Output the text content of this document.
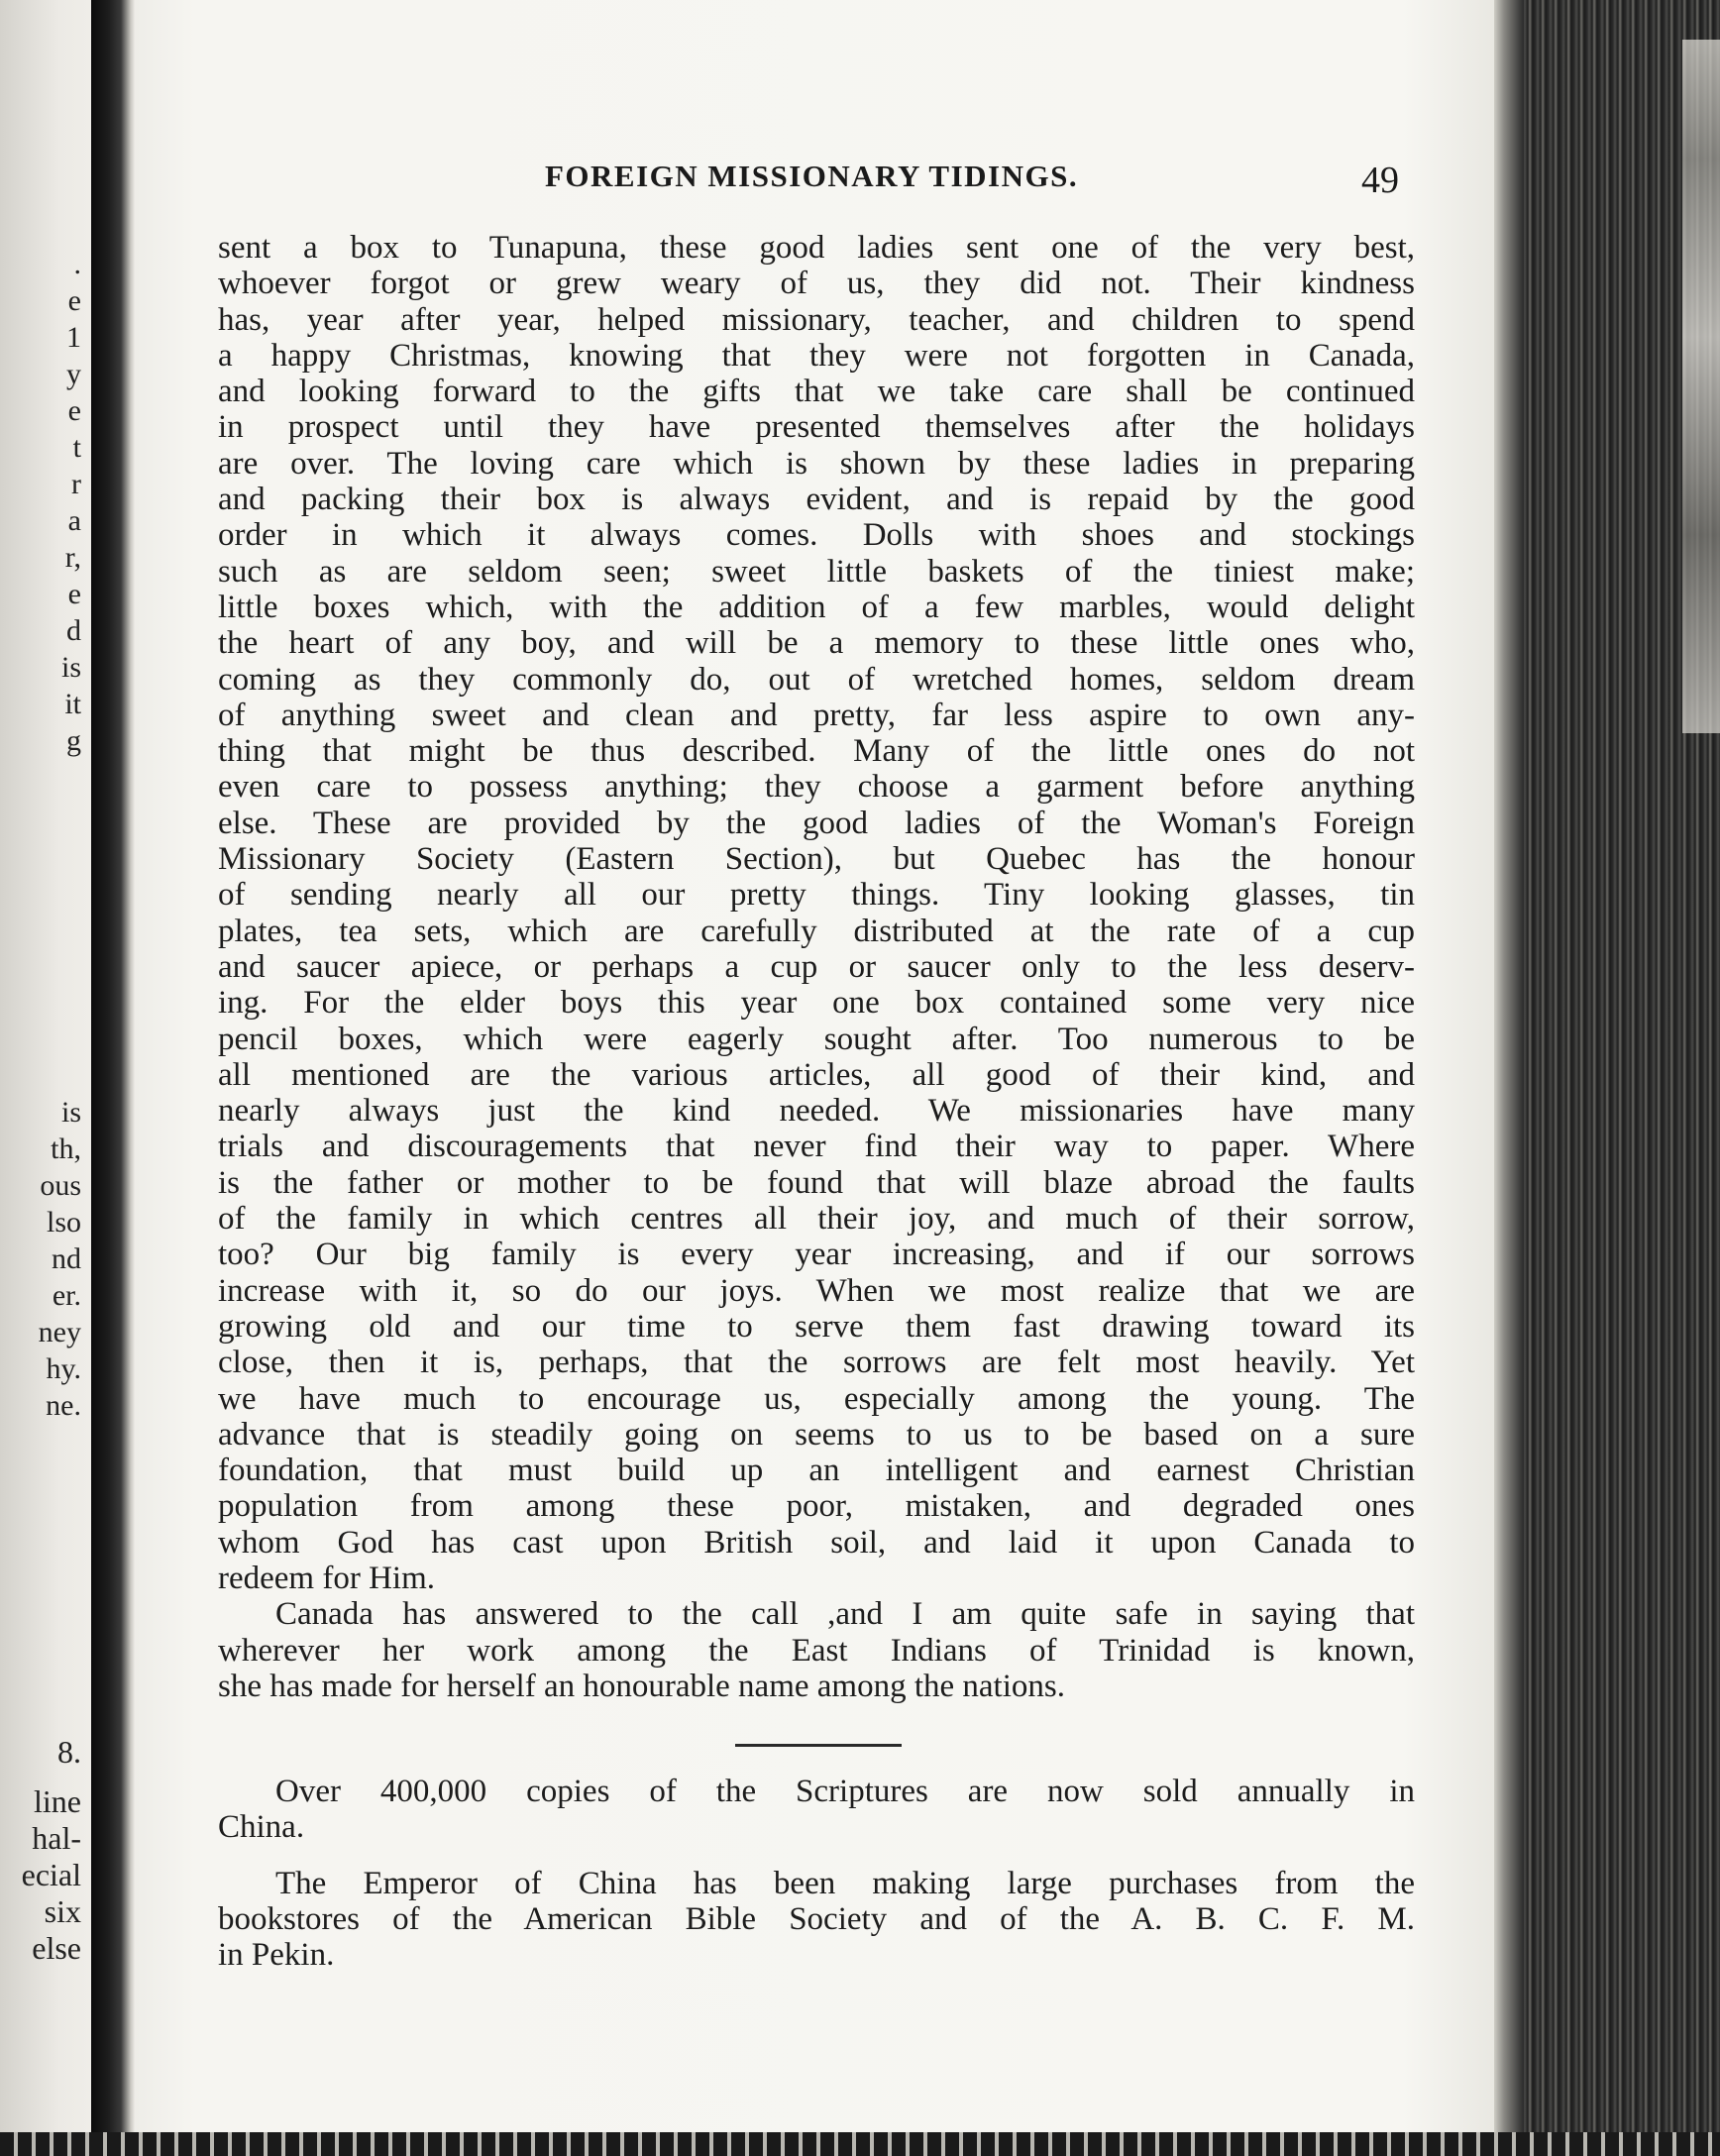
.
e
1
y
e
t
r
a
r,
e
d
is
it
g
is
th,
ous
lso
nd
er.
ney
hy.
ne.
8.
line
hal-
ecial
six
else
FOREIGN MISSIONARY TIDINGS.	49
sent a box to Tunapuna, these good ladies sent one of the very best,
whoever forgot or grew weary of us, they did not. Their kindness
has, year after year, helped missionary, teacher, and children to spend
a happy Christmas, knowing that they were not forgotten in Canada,
and looking forward to the gifts that we take care shall be continued
in prospect until they have presented themselves after the holidays
are over. The loving care which is shown by these ladies in preparing
and packing their box is always evident, and is repaid by the good
order in which it always comes. Dolls with shoes and stockings
such as are seldom seen; sweet little baskets of the tiniest make;
little boxes which, with the addition of a few marbles, would delight
the heart of any boy, and will be a memory to these little ones who,
coming as they commonly do, out of wretched homes, seldom dream
of anything sweet and clean and pretty, far less aspire to own any-
thing that might be thus described. Many of the little ones do not
even care to possess anything; they choose a garment before anything
else. These are provided by the good ladies of the Woman's Foreign
Missionary Society (Eastern Section), but Quebec has the honour
of sending nearly all our pretty things. Tiny looking glasses, tin
plates, tea sets, which are carefully distributed at the rate of a cup
and saucer apiece, or perhaps a cup or saucer only to the less deserv-
ing. For the elder boys this year one box contained some very nice
pencil boxes, which were eagerly sought after. Too numerous to be
all mentioned are the various articles, all good of their kind, and
nearly always just the kind needed. We missionaries have many
trials and discouragements that never find their way to paper. Where
is the father or mother to be found that will blaze abroad the faults
of the family in which centres all their joy, and much of their sorrow,
too? Our big family is every year increasing, and if our sorrows
increase with it, so do our joys. When we most realize that we are
growing old and our time to serve them fast drawing toward its
close, then it is, perhaps, that the sorrows are felt most heavily. Yet
we have much to encourage us, especially among the young. The
advance that is steadily going on seems to us to be based on a sure
foundation, that must build up an intelligent and earnest Christian
population from among these poor, mistaken, and degraded ones
whom God has cast upon British soil, and laid it upon Canada to
redeem for Him.
Canada has answered to the call ,and I am quite safe in saying that
wherever her work among the East Indians of Trinidad is known,
she has made for herself an honourable name among the nations.
Over 400,000 copies of the Scriptures are now sold annually in
China.
The Emperor of China has been making large purchases from the
bookstores of the American Bible Society and of the A. B. C. F. M.
in Pekin.
